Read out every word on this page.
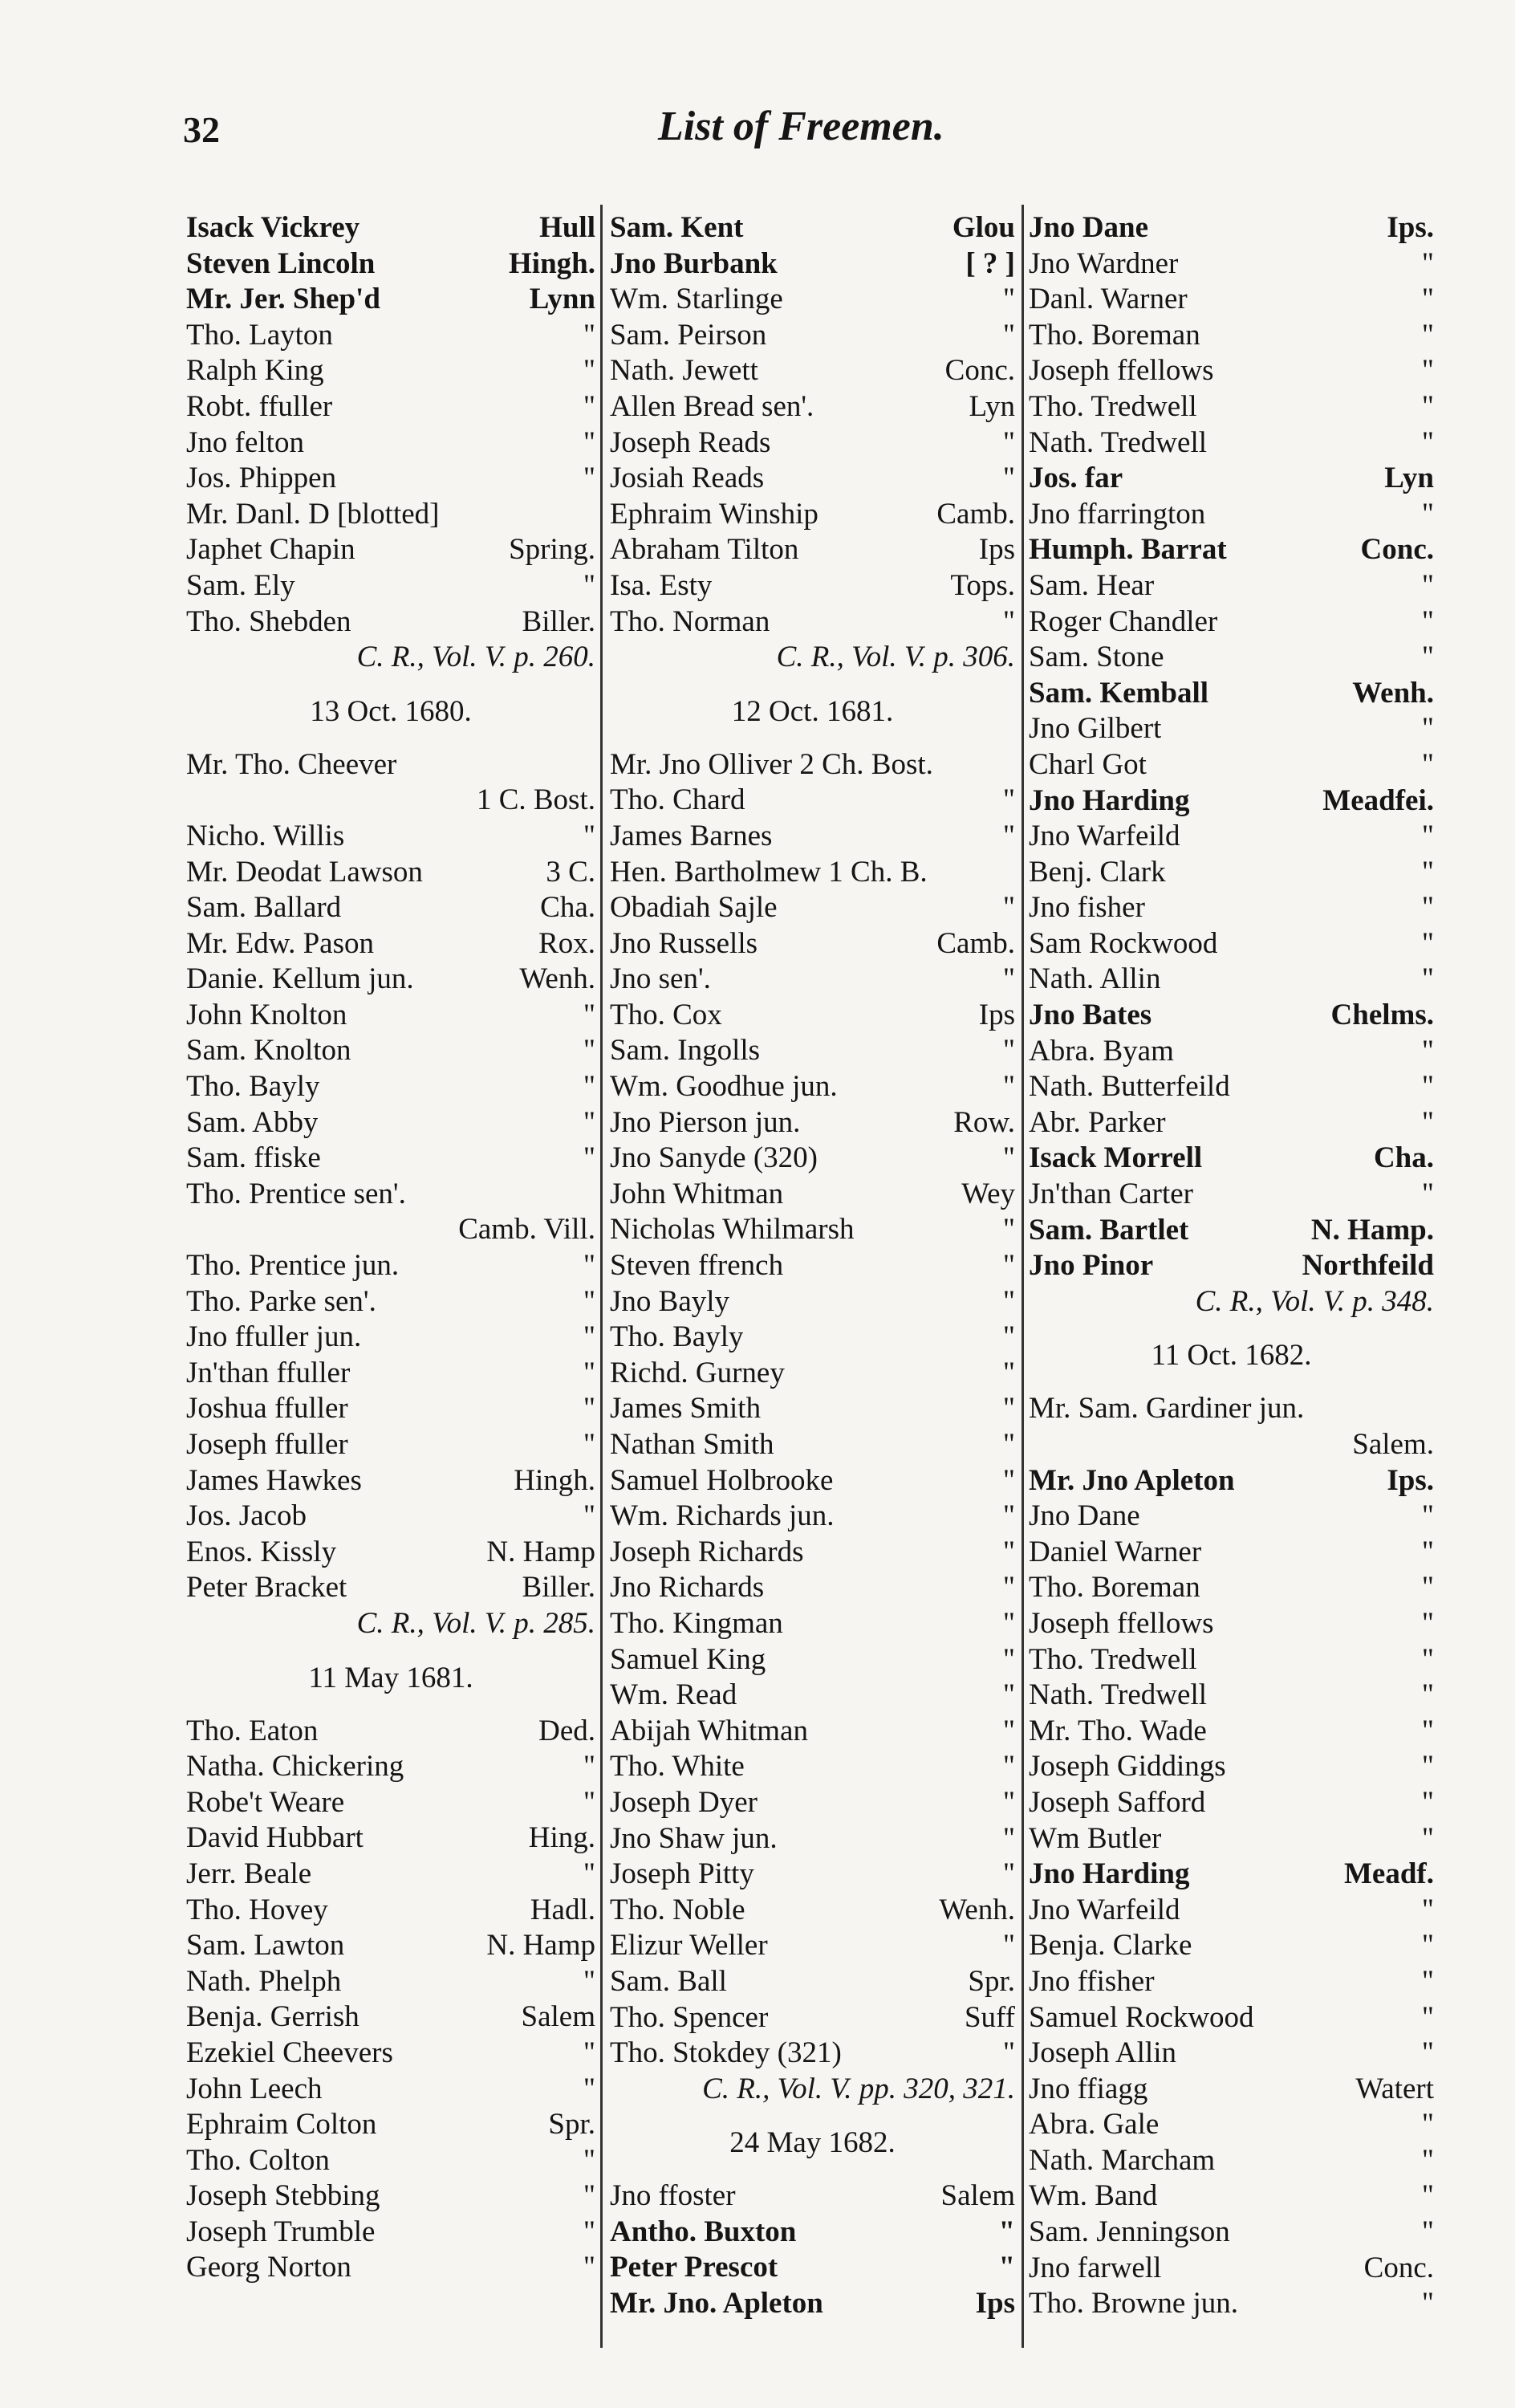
32	List of Freemen.
Isack Vickrey	Hull
Steven Lincoln	Hingh.
Mr. Jer. Shep'd	Lynn
Tho. Layton	"
Ralph King	"
Robt. ffuller	"
Jno felton	"
Jos. Phippen	"
Mr. Danl. D [blotted]
Japhet Chapin	Spring.
Sam. Ely	"
Tho. Shebden	Biller.
C. R., Vol. V. p. 260.
13 Oct. 1680.
Mr. Tho. Cheever
1 C. Bost.
Nicho. Willis	"
Mr. Deodat Lawson	3 C.
Sam. Ballard	Cha.
Mr. Edw. Pason	Rox.
Danie. Kellum jun.	Wenh.
John Knolton	"
Sam. Knolton	"
Tho. Bayly	"
Sam. Abby	"
Sam. ffiske	"
Tho. Prentice sen'.
Camb. Vill.
Tho. Prentice jun.	"
Tho. Parke sen'.	"
Jno ffuller jun.	"
Jn'than ffuller	"
Joshua ffuller	"
Joseph ffuller	"
James Hawkes	Hingh.
Jos. Jacob	"
Enos. Kissly	N. Hamp
Peter Bracket	Biller.
C. R., Vol. V. p. 285.
11 May 1681.
Tho. Eaton	Ded.
Natha. Chickering	"
Robe't Weare	"
David Hubbart	Hing.
Jerr. Beale	"
Tho. Hovey	Hadl.
Sam. Lawton	N. Hamp
Nath. Phelph	"
Benja. Gerrish	Salem
Ezekiel Cheevers	"
John Leech	"
Ephraim Colton	Spr.
Tho. Colton	"
Joseph Stebbing	"
Joseph Trumble	"
Georg Norton	"
Sam. Kent	Glou
Jno Burbank	[ ? ]
Wm. Starlinge	"
Sam. Peirson	"
Nath. Jewett	Conc.
Allen Bread sen'.	Lyn
Joseph Reads	"
Josiah Reads	"
Ephraim Winship	Camb.
Abraham Tilton	Ips
Isa. Esty	Tops.
Tho. Norman	"
C. R., Vol. V. p. 306.
12 Oct. 1681.
Mr. Jno Olliver 2 Ch. Bost.
Tho. Chard	"
James Barnes	"
Hen. Bartholmew 1 Ch. B.
Obadiah Sajle	"
Jno Russells	Camb.
Jno sen'.	"
Tho. Cox	Ips
Sam. Ingolls	"
Wm. Goodhue jun.	"
Jno Pierson jun.	Row.
Jno Sanyde (320)	"
John Whitman	Wey
Nicholas Whilmarsh	"
Steven ffrench	"
Jno Bayly	"
Tho. Bayly	"
Richd. Gurney	"
James Smith	"
Nathan Smith	"
Samuel Holbrooke	"
Wm. Richards jun.	"
Joseph Richards	"
Jno Richards	"
Tho. Kingman	"
Samuel King	"
Wm. Read	"
Abijah Whitman	"
Tho. White	"
Joseph Dyer	"
Jno Shaw jun.	"
Joseph Pitty	"
Tho. Noble	Wenh.
Elizur Weller	"
Sam. Ball	Spr.
Tho. Spencer	Suff
Tho. Stokdey (321)	"
C. R., Vol. V. pp. 320, 321.
24 May 1682.
Jno ffoster	Salem
Antho. Buxton	"
Peter Prescot	"
Mr. Jno. Apleton	Ips
Jno Dane	Ips.
Jno Wardner	"
Danl. Warner	"
Tho. Boreman	"
Joseph ffellows	"
Tho. Tredwell	"
Nath. Tredwell	"
Jos. far	Lyn
Jno ffarrington	"
Humph. Barrat	Conc.
Sam. Hear	"
Roger Chandler	"
Sam. Stone	"
Sam. Kemball	Wenh.
Jno Gilbert	"
Charl Got	"
Jno Harding	Meadfei.
Jno Warfeild	"
Benj. Clark	"
Jno fisher	"
Sam Rockwood	"
Nath. Allin	"
Jno Bates	Chelms.
Abra. Byam	"
Nath. Butterfeild	"
Abr. Parker	"
Isack Morrell	Cha.
Jn'than Carter	"
Sam. Bartlet	N. Hamp.
Jno Pinor	Northfeild
C. R., Vol. V. p. 348.
11 Oct. 1682.
Mr. Sam. Gardiner jun.
Salem.
Mr. Jno Apleton	Ips.
Jno Dane	"
Daniel Warner	"
Tho. Boreman	"
Joseph ffellows	"
Tho. Tredwell	"
Nath. Tredwell	"
Mr. Tho. Wade	"
Joseph Giddings	"
Joseph Safford	"
Wm Butler	"
Jno Harding	Meadf.
Jno Warfeild	"
Benja. Clarke	"
Jno ffisher	"
Samuel Rockwood	"
Joseph Allin	"
Jno ffiagg	Watert
Abra. Gale	"
Nath. Marcham	"
Wm. Band	"
Sam. Jenningson	"
Jno farwell	Conc.
Tho. Browne jun.	"
